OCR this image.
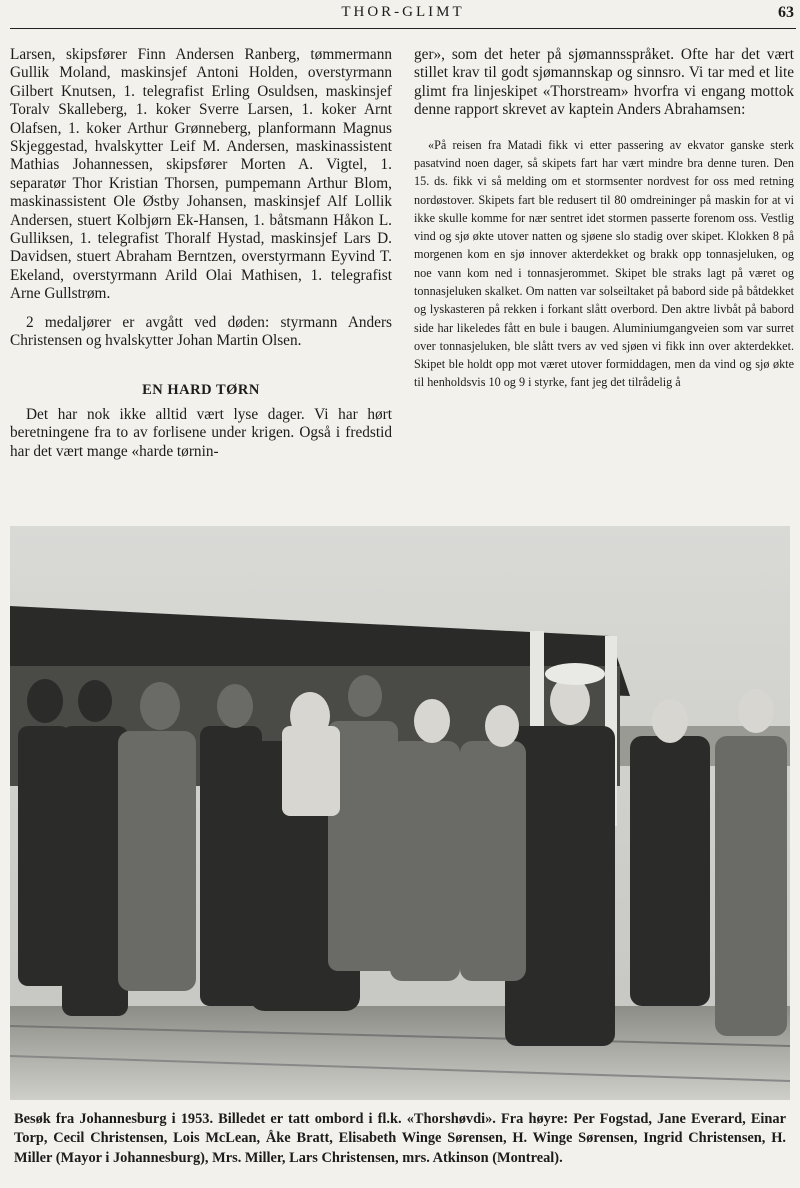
THOR-GLIMT	63

Larsen, skipsfører Finn Andersen Ranberg, tømmermann Gullik Moland, maskinsjef Antoni Holden, overstyrmann Gilbert Knutsen, 1. telegrafist Erling Osuldsen, maskinsjef Toralv Skalleberg, 1. koker Sverre Larsen, 1. koker Arnt Olafsen, 1. koker Arthur Grønneberg, planformann Magnus Skjeggestad, hvalskytter Leif M. Andersen, maskinassistent Mathias Johannessen, skipsfører Morten A. Vigtel, 1. separatør Thor Kristian Thorsen, pumpemann Arthur Blom, maskinassistent Ole Østby Johansen, maskinsjef Alf Lollik Andersen, stuert Kolbjørn Ek-Hansen, 1. båtsmann Håkon L. Gulliksen, 1. telegrafist Thoralf Hystad, maskinsjef Lars D. Davidsen, stuert Abraham Berntzen, overstyrmann Eyvind T. Ekeland, overstyrmann Arild Olai Mathisen, 1. telegrafist Arne Gullstrøm.

2 medaljører er avgått ved døden: styrmann Anders Christensen og hvalskytter Johan Martin Olsen.

EN HARD TØRN

Det har nok ikke alltid vært lyse dager. Vi har hørt beretningene fra to av forlisene under krigen. Også i fredstid har det vært mange «harde tørnin-

ger», som det heter på sjømannsspråket. Ofte har det vært stillet krav til godt sjømannskap og sinnsro. Vi tar med et lite glimt fra linjeskipet «Thorstream» hvorfra vi engang mottok denne rapport skrevet av kaptein Anders Abrahamsen:

«På reisen fra Matadi fikk vi etter passering av ekvator ganske sterk pasatvind noen dager, så skipets fart har vært mindre bra denne turen. Den 15. ds. fikk vi så melding om et stormsenter nordvest for oss med retning nordøstover. Skipets fart ble redusert til 80 omdreininger på maskin for at vi ikke skulle komme for nær sentret idet stormen passerte forenom oss. Vestlig vind og sjø økte utover natten og sjøene slo stadig over skipet. Klokken 8 på morgenen kom en sjø innover akterdekket og brakk opp tonnasjeluken, og noe vann kom ned i tonnasjerommet. Skipet ble straks lagt på været og tonnasjeluken skalket. Om natten var solseiltaket på babord side på båtdekket og lyskasteren på rekken i forkant slått overbord. Den aktre livbåt på babord side har likeledes fått en bule i baugen. Aluminiumgangveien som var surret over tonnasjeluken, ble slått tvers av ved sjøen vi fikk inn over akterdekket. Skipet ble holdt opp mot været utover formiddagen, men da vind og sjø økte til henholdsvis 10 og 9 i styrke, fant jeg det tilrådelig å

Besøk fra Johannesburg i 1953. Billedet er tatt ombord i fl.k. «Thorshøvdi». Fra høyre: Per Fogstad, Jane Everard, Einar Torp, Cecil Christensen, Lois McLean, Åke Bratt, Elisabeth Winge Sørensen, H. Winge Sørensen, Ingrid Christensen, H. Miller (Mayor i Johannesburg), Mrs. Miller, Lars Christensen, mrs. Atkinson (Montreal).
